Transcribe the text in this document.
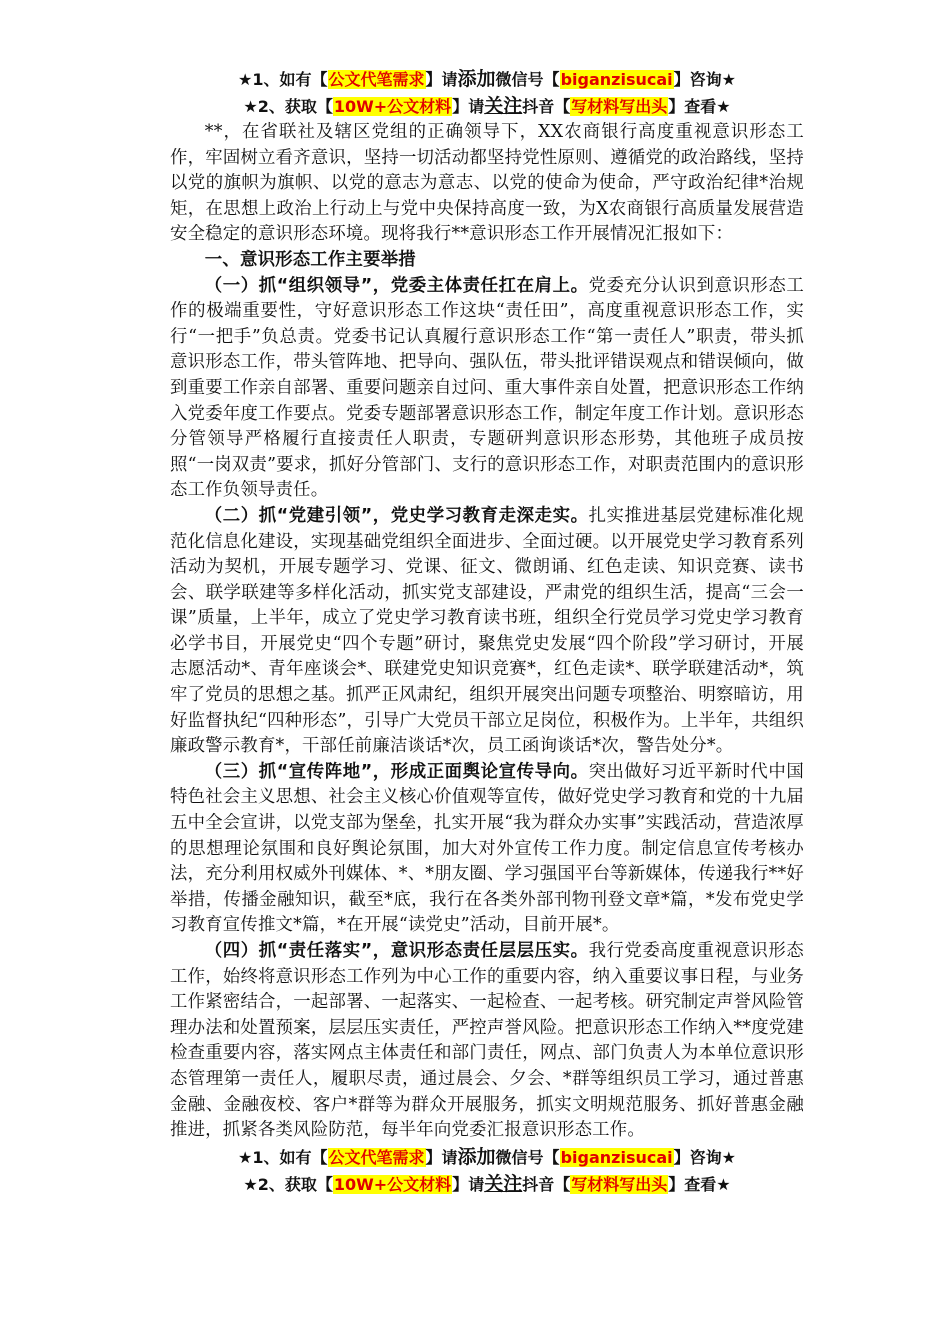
★1、如有【公文代笔需求】请添加微信号【biganzisucai】咨询★
★2、获取【10W+公文材料】请关注抖音【写材料写出头】查看★

**，在省联社及辖区党组的正确领导下，XX农商银行高度重视意识形态工作，牢固树立看齐意识，坚持一切活动都坚持党性原则、遵循党的政治路线，坚持以党的旗帜为旗帜、以党的意志为意志、以党的使命为使命，严守政治纪律*治规矩，在思想上政治上行动上与党中央保持高度一致，为X农商银行高质量发展营造安全稳定的意识形态环境。现将我行**意识形态工作开展情况汇报如下：

一、意识形态工作主要举措

（一）抓“组织领导”，党委主体责任扛在肩上。党委充分认识到意识形态工作的极端重要性，守好意识形态工作这块“责任田”，高度重视意识形态工作，实行“一把手”负总责。党委书记认真履行意识形态工作“第一责任人”职责，带头抓意识形态工作，带头管阵地、把导向、强队伍，带头批评错误观点和错误倾向，做到重要工作亲自部署、重要问题亲自过问、重大事件亲自处置，把意识形态工作纳入党委年度工作要点。党委专题部署意识形态工作，制定年度工作计划。意识形态分管领导严格履行直接责任人职责，专题研判意识形态形势，其他班子成员按照“一岗双责”要求，抓好分管部门、支行的意识形态工作，对职责范围内的意识形态工作负领导责任。

（二）抓“党建引领”，党史学习教育走深走实。扎实推进基层党建标准化规范化信息化建设，实现基础党组织全面进步、全面过硬。以开展党史学习教育系列活动为契机，开展专题学习、党课、征文、微朗诵、红色走读、知识竞赛、读书会、联学联建等多样化活动，抓实党支部建设，严肃党的组织生活，提高“三会一课”质量，上半年，成立了党史学习教育读书班，组织全行党员学习党史学习教育必学书目，开展党史“四个专题”研讨，聚焦党史发展“四个阶段”学习研讨，开展志愿活动*、青年座谈会*、联建党史知识竞赛*，红色走读*、联学联建活动*，筑牢了党员的思想之基。抓严正风肃纪，组织开展突出问题专项整治、明察暗访，用好监督执纪“四种形态”，引导广大党员干部立足岗位，积极作为。上半年，共组织廉政警示教育*，干部任前廉洁谈话*次，员工函询谈话*次，警告处分*。

（三）抓“宣传阵地”，形成正面舆论宣传导向。突出做好习近平新时代中国特色社会主义思想、社会主义核心价值观等宣传，做好党史学习教育和党的十九届五中全会宣讲，以党支部为堡垒，扎实开展“我为群众办实事”实践活动，营造浓厚的思想理论氛围和良好舆论氛围，加大对外宣传工作力度。制定信息宣传考核办法，充分利用权威外刊媒体、*、*朋友圈、学习强国平台等新媒体，传递我行**好举措，传播金融知识，截至*底，我行在各类外部刊物刊登文章*篇，*发布党史学习教育宣传推文*篇，*在开展“读党史”活动，目前开展*。

（四）抓“责任落实”，意识形态责任层层压实。我行党委高度重视意识形态工作，始终将意识形态工作列为中心工作的重要内容，纳入重要议事日程，与业务工作紧密结合，一起部署、一起落实、一起检查、一起考核。研究制定声誉风险管理办法和处置预案，层层压实责任，严控声誉风险。把意识形态工作纳入**度党建检查重要内容，落实网点主体责任和部门责任，网点、部门负责人为本单位意识形态管理第一责任人，履职尽责，通过晨会、夕会、*群等组织员工学习，通过普惠金融、金融夜校、客户*群等为群众开展服务，抓实文明规范服务、抓好普惠金融推进，抓紧各类风险防范，每半年向党委汇报意识形态工作。

★1、如有【公文代笔需求】请添加微信号【biganzisucai】咨询★
★2、获取【10W+公文材料】请关注抖音【写材料写出头】查看★
